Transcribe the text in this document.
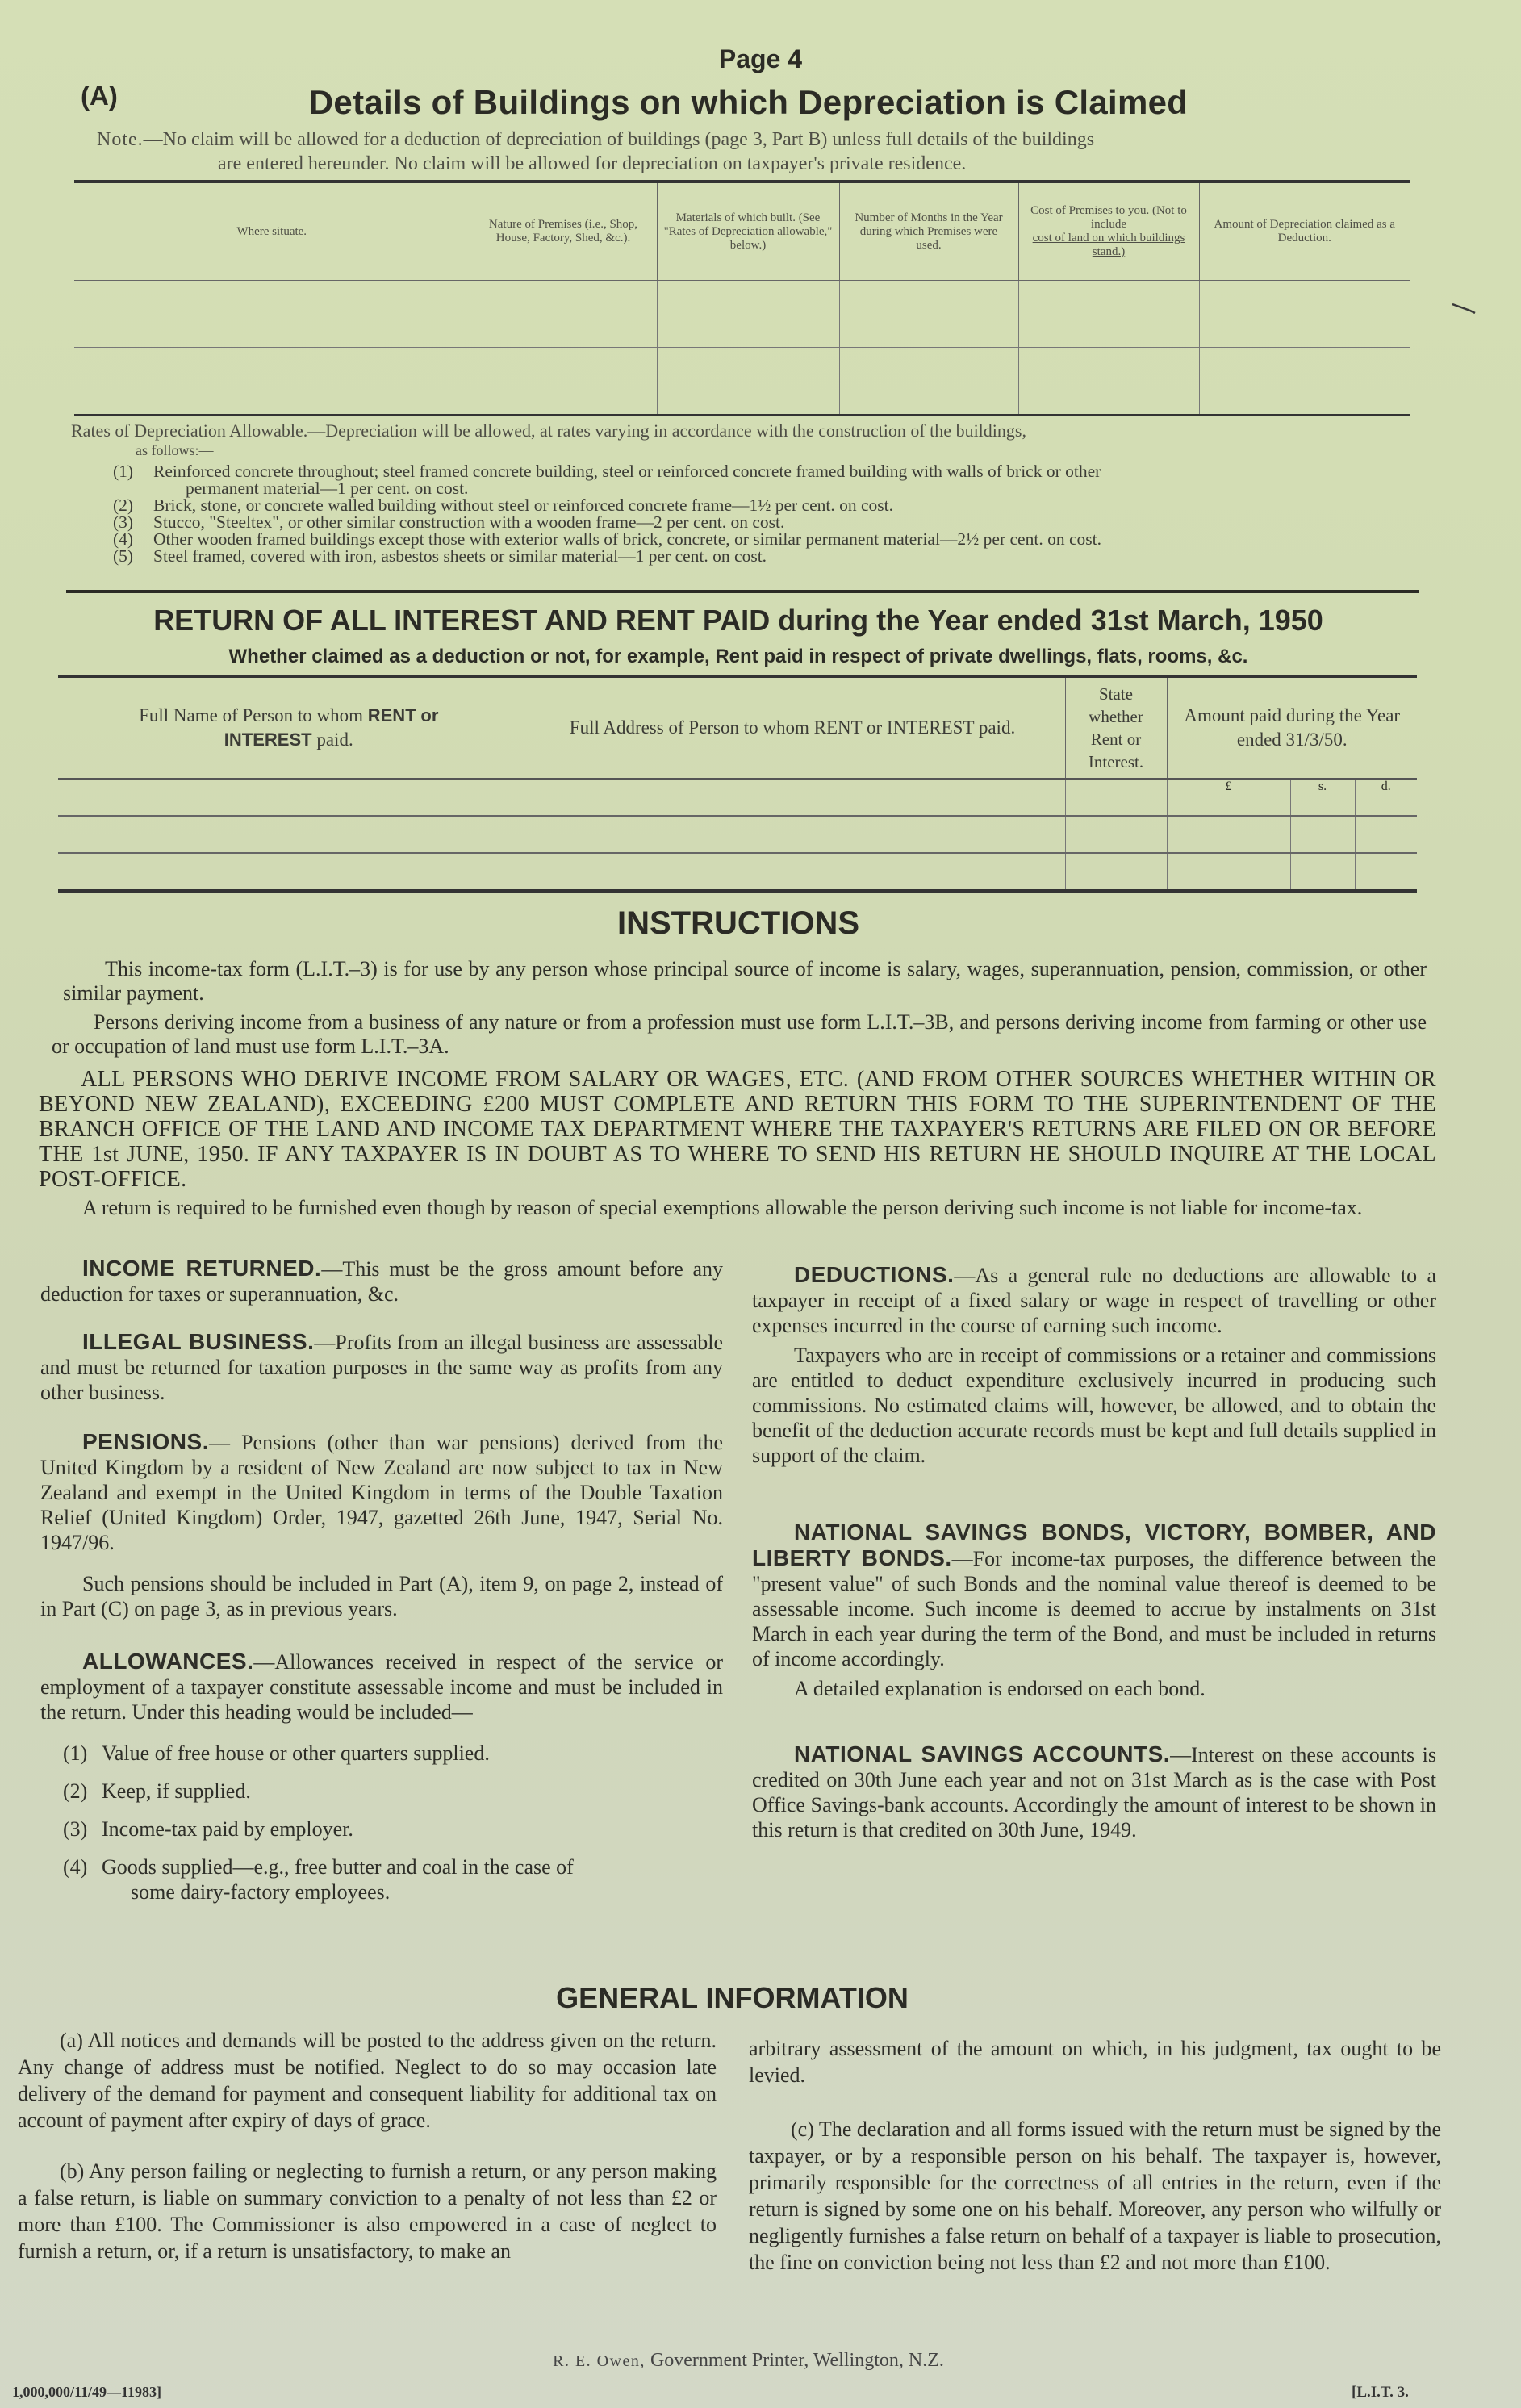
Page 4
(A)	Details of Buildings on which Depreciation is Claimed
Note.—No claim will be allowed for a deduction of depreciation of buildings (page 3, Part B) unless full details of the buildings
are entered hereunder. No claim will be allowed for depreciation on taxpayer's private residence.
Where situate.	Nature of Premises (i.e., Shop, House, Factory, Shed, &c.).	Materials of which built. (See "Rates of Depreciation allowable," below.)	Number of Months in the Year during which Premises were used.	Cost of Premises to you. (Not to include
cost of land on which buildings stand.)	Amount of Depreciation claimed as a Deduction.

Rates of Depreciation Allowable.—Depreciation will be allowed, at rates varying in accordance with the construction of the buildings,
as follows:—
(1) Reinforced concrete throughout; steel framed concrete building, steel or reinforced concrete framed building with walls of brick or other
permanent material—1 per cent. on cost.
(2) Brick, stone, or concrete walled building without steel or reinforced concrete frame—1½ per cent. on cost.
(3) Stucco, "Steeltex", or other similar construction with a wooden frame—2 per cent. on cost.
(4) Other wooden framed buildings except those with exterior walls of brick, concrete, or similar permanent material—2½ per cent. on cost.
(5) Steel framed, covered with iron, asbestos sheets or similar material—1 per cent. on cost.
RETURN OF ALL INTEREST AND RENT PAID during the Year ended 31st March, 1950
Whether claimed as a deduction or not, for example, Rent paid in respect of private dwellings, flats, rooms, &c.
Full Name of Person to whom RENT or
INTEREST paid.	Full Address of Person to whom RENT or INTEREST paid.	State whether Rent or Interest.	Amount paid during the Year ended 31/3/50.		
			£	s.	d.

INSTRUCTIONS
This income-tax form (L.I.T.–3) is for use by any person whose principal source of income is salary, wages, superannuation, pension, commission, or other similar payment.
Persons deriving income from a business of any nature or from a profession must use form L.I.T.–3B, and persons deriving income from farming or other use or occupation of land must use form L.I.T.–3A.
ALL PERSONS WHO DERIVE INCOME FROM SALARY OR WAGES, ETC. (AND FROM OTHER SOURCES WHETHER WITHIN OR BEYOND NEW ZEALAND), EXCEEDING £200 MUST COMPLETE AND RETURN THIS FORM TO THE SUPERINTENDENT OF THE BRANCH OFFICE OF THE LAND AND INCOME TAX DEPARTMENT WHERE THE TAXPAYER'S RETURNS ARE FILED ON OR BEFORE THE 1st JUNE, 1950. IF ANY TAXPAYER IS IN DOUBT AS TO WHERE TO SEND HIS RETURN HE SHOULD INQUIRE AT THE LOCAL POST-OFFICE.
A return is required to be furnished even though by reason of special exemptions allowable the person deriving such income is not liable for income-tax.

INCOME RETURNED.—This must be the gross amount before any deduction for taxes or superannuation, &c.

ILLEGAL BUSINESS.—Profits from an illegal business are assessable and must be returned for taxation purposes in the same way as profits from any other business.

PENSIONS.— Pensions (other than war pensions) derived from the United Kingdom by a resident of New Zealand are now subject to tax in New Zealand and exempt in the United Kingdom in terms of the Double Taxation Relief (United Kingdom) Order, 1947, gazetted 26th June, 1947, Serial No. 1947/96.

Such pensions should be included in Part (A), item 9, on page 2, instead of in Part (C) on page 3, as in previous years.

ALLOWANCES.—Allowances received in respect of the service or employment of a taxpayer constitute assessable income and must be included in the return. Under this heading would be included—

(1) Value of free house or other quarters supplied.
(2) Keep, if supplied.
(3) Income-tax paid by employer.
(4) Goods supplied—e.g., free butter and coal in the case of
some dairy-factory employees.

DEDUCTIONS.—As a general rule no deductions are allowable to a taxpayer in receipt of a fixed salary or wage in respect of travelling or other expenses incurred in the course of earning such income.

Taxpayers who are in receipt of commissions or a retainer and commissions are entitled to deduct expenditure exclusively incurred in producing such commissions. No estimated claims will, however, be allowed, and to obtain the benefit of the deduction accurate records must be kept and full details supplied in support of the claim.

NATIONAL SAVINGS BONDS, VICTORY, BOMBER, AND LIBERTY BONDS.—For income-tax purposes, the difference between the "present value" of such Bonds and the nominal value thereof is deemed to be assessable income. Such income is deemed to accrue by instalments on 31st March in each year during the term of the Bond, and must be included in returns of income accordingly.

A detailed explanation is endorsed on each bond.

NATIONAL SAVINGS ACCOUNTS.—Interest on these accounts is credited on 30th June each year and not on 31st March as is the case with Post Office Savings-bank accounts. Accordingly the amount of interest to be shown in this return is that credited on 30th June, 1949.

GENERAL INFORMATION

(a) All notices and demands will be posted to the address given on the return. Any change of address must be notified. Neglect to do so may occasion late delivery of the demand for payment and consequent liability for additional tax on account of payment after expiry of days of grace.

(b) Any person failing or neglecting to furnish a return, or any person making a false return, is liable on summary conviction to a penalty of not less than £2 or more than £100. The Commissioner is also empowered in a case of neglect to furnish a return, or, if a return is unsatisfactory, to make an

arbitrary assessment of the amount on which, in his judgment, tax ought to be levied.

(c) The declaration and all forms issued with the return must be signed by the taxpayer, or by a responsible person on his behalf. The taxpayer is, however, primarily responsible for the correctness of all entries in the return, even if the return is signed by some one on his behalf. Moreover, any person who wilfully or negligently furnishes a false return on behalf of a taxpayer is liable to prosecution, the fine on conviction being not less than £2 and not more than £100.

R. E. Owen, Government Printer, Wellington, N.Z.
1,000,000/11/49—11983]	[L.I.T. 3.
